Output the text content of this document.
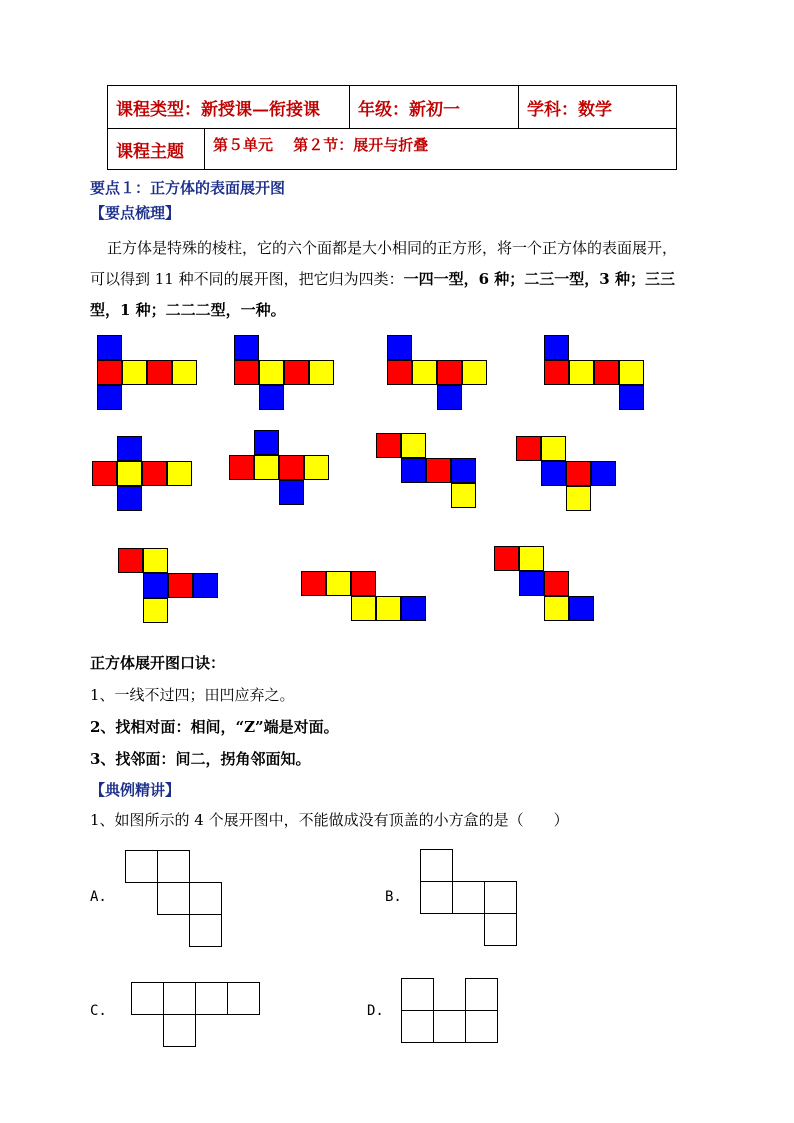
课程类型：新授课—衔接课	年级：新初一	学科：数学
课程主题	第５单元　 第２节：展开与折叠
要点１：正方体的表面展开图
【要点梳理】
正方体是特殊的棱柱，它的六个面都是大小相同的正方形，将一个正方体的表面展开，
可以得到 11 种不同的展开图，把它归为四类：一四一型，6 种；二三一型，3 种；三三
型，1 种；二二二型，一种。
正方体展开图口诀：
1、一线不过四；田凹应弃之。
2、找相对面：相间，“Z”端是对面。
3、找邻面：间二，拐角邻面知。
【典例精讲】
1、如图所示的 4 个展开图中，不能做成没有顶盖的小方盒的是（　　）
A.	B.
C.	D.
